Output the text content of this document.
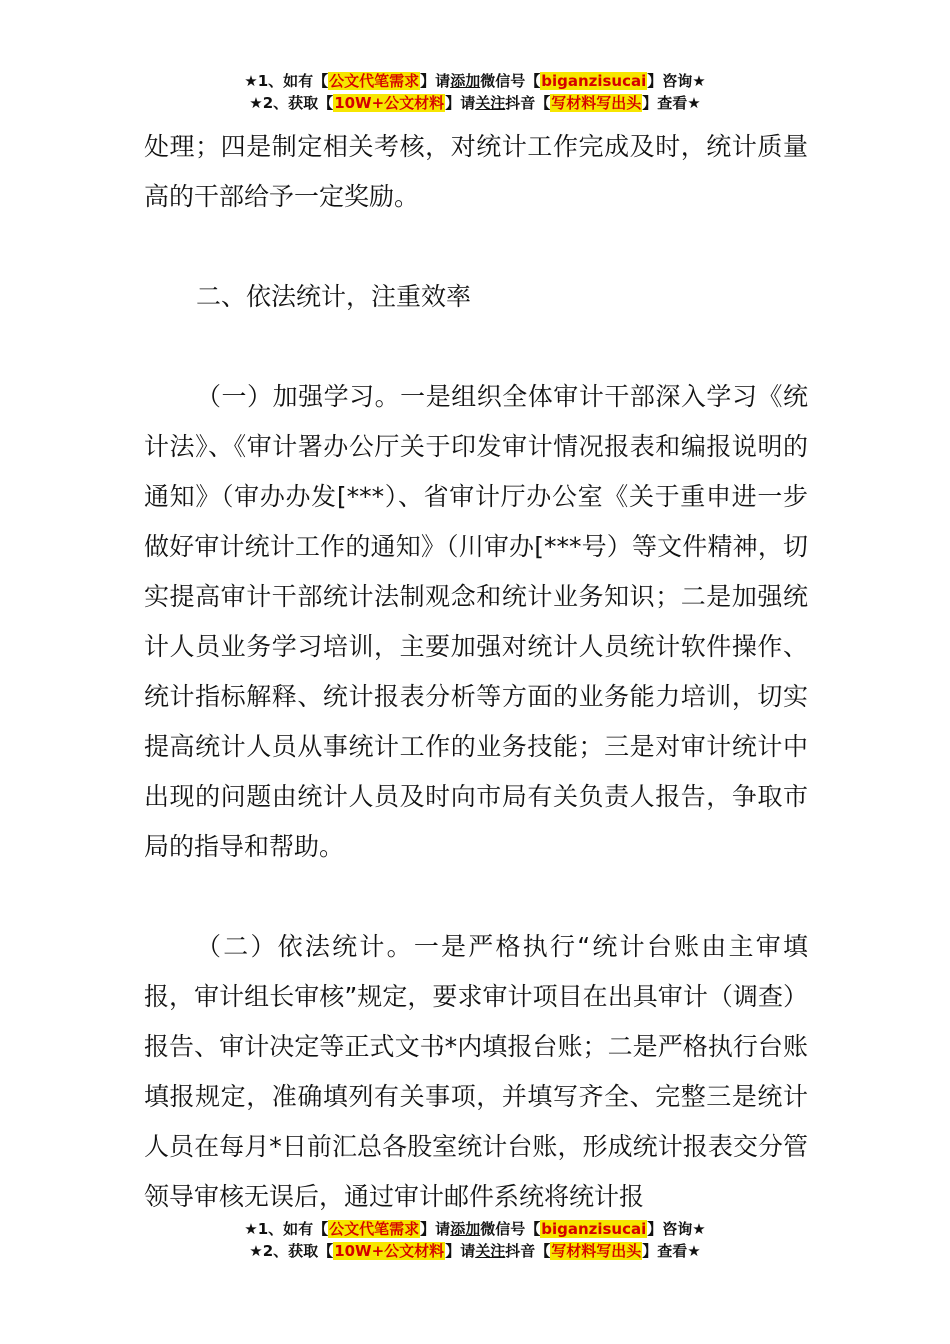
★1、如有【公文代笔需求】请添加微信号【biganzisucai】咨询★
★2、获取【10W+公文材料】请关注抖音【写材料写出头】查看★

处理；四是制定相关考核，对统计工作完成及时，统计质量高的干部给予一定奖励。

二、依法统计，注重效率

（一）加强学习。一是组织全体审计干部深入学习《统计法》、《审计署办公厅关于印发审计情况报表和编报说明的通知》（审办办发[***）、省审计厅办公室《关于重申进一步做好审计统计工作的通知》（川审办[***号）等文件精神，切实提高审计干部统计法制观念和统计业务知识；二是加强统计人员业务学习培训，主要加强对统计人员统计软件操作、统计指标解释、统计报表分析等方面的业务能力培训，切实提高统计人员从事统计工作的业务技能；三是对审计统计中出现的问题由统计人员及时向市局有关负责人报告，争取市局的指导和帮助。

（二）依法统计。一是严格执行“统计台账由主审填报，审计组长审核”规定，要求审计项目在出具审计（调查）报告、审计决定等正式文书*内填报台账；二是严格执行台账填报规定，准确填列有关事项，并填写齐全、完整三是统计人员在每月*日前汇总各股室统计台账，形成统计报表交分管领导审核无误后，通过审计邮件系统将统计报

★1、如有【公文代笔需求】请添加微信号【biganzisucai】咨询★
★2、获取【10W+公文材料】请关注抖音【写材料写出头】查看★
